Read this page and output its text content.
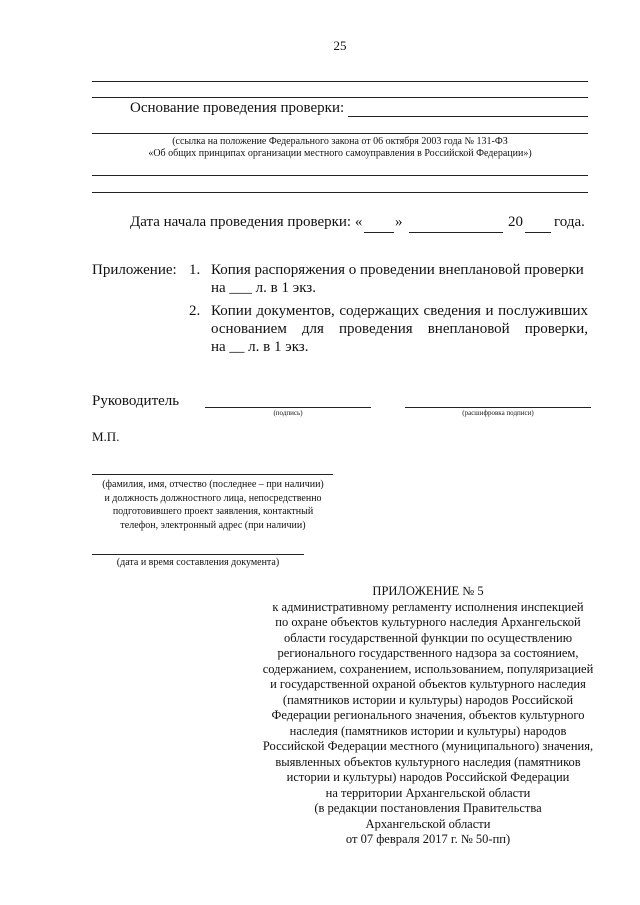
25
Основание проведения проверки:
(ссылка на положение Федерального закона от 06 октября 2003 года № 131-ФЗ
«Об общих принципах организации местного самоуправления в Российской Федерации»)
Дата начала проведения проверки: «	»	20 года.
Приложение: 1. Копия распоряжения о проведении внеплановой проверки
на ___ л. в 1 экз.
2. Копии документов, содержащих сведения и послуживших
основанием для проведения внеплановой проверки,
на __ л. в 1 экз.
Руководитель
(подпись)	(расшифровка подписи)
М.П.
(фамилия, имя, отчество (последнее – при наличии)
и должность должностного лица, непосредственно
подготовившего проект заявления, контактный
телефон, электронный адрес (при наличии)
(дата и время составления документа)
ПРИЛОЖЕНИЕ № 5
к административному регламенту исполнения инспекцией
по охране объектов культурного наследия Архангельской
области государственной функции по осуществлению
регионального государственного надзора за состоянием,
содержанием, сохранением, использованием, популяризацией
и государственной охраной объектов культурного наследия
(памятников истории и культуры) народов Российской
Федерации регионального значения, объектов культурного
наследия (памятников истории и культуры) народов
Российской Федерации местного (муниципального) значения,
выявленных объектов культурного наследия (памятников
истории и культуры) народов Российской Федерации
на территории Архангельской области
(в редакции постановления Правительства
Архангельской области
от 07 февраля 2017 г. № 50-пп)
